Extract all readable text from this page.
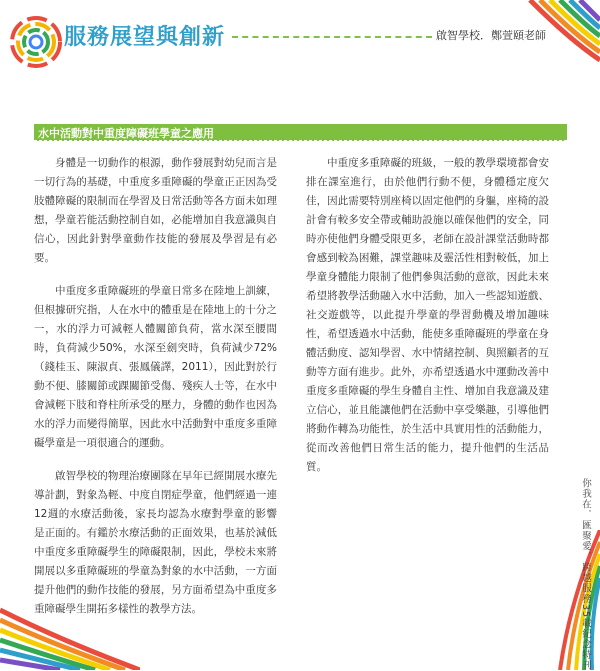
服務展望與創新	啟智學校．鄭萱頤老師
水中活動對中重度障礙班學童之應用

身體是一切動作的根源，動作發展對幼兒而言是一切行為的基礎，中重度多重障礙的學童正正因為受肢體障礙的限制而在學習及日常活動等各方面未如理想，學童若能活動控制自如，必能增加自我意識與自信心，因此針對學童動作技能的發展及學習是有必要。

中重度多重障礙班的學童日常多在陸地上訓練，但根據研究指，人在水中的體重是在陸地上的十分之一，水的浮力可減輕人體關節負荷，當水深至腰間時，負荷減少50%，水深至劍突時，負荷減少72%（錢桂玉、陳淑貞、張鳳儀譯，2011），因此對於行動不便、膝關節或踝關節受傷、殘疾人士等，在水中會減輕下肢和脊柱所承受的壓力，身體的動作也因為水的浮力而變得簡單，因此水中活動對中重度多重障礙學童是一項很適合的運動。

啟智學校的物理治療團隊在早年已經開展水療先導計劃，對象為輕、中度自閉症學童，他們經過一連12週的水療活動後，家長均認為水療對學童的影響是正面的。有鑑於水療活動的正面效果，也基於減低中重度多重障礙學生的障礙限制，因此，學校未來將開展以多重障礙班的學童為對象的水中活動，一方面提升他們的動作技能的發展，另方面希望為中重度多重障礙學生開拓多樣性的教學方法。

中重度多重障礙的班級，一般的教學環境都會安排在課室進行，由於他們行動不便，身體穩定度欠佳，因此需要特別座椅以固定他們的身軀，座椅的設計會有較多安全帶或輔助設施以確保他們的安全，同時亦使他們身體受限更多，老師在設計課堂活動時都會感到較為困難，課堂趣味及靈活性相對較低，加上學童身體能力限制了他們參與活動的意欲，因此未來希望將教學活動融入水中活動，加入一些認知遊戲、社交遊戲等，以此提升學童的學習動機及增加趣味性，希望透過水中活動，能使多重障礙班的學童在身體活動度、認知學習、水中情緒控制、與照顧者的互動等方面有進步。此外，亦希望透過水中運動改善中重度多重障礙的學生身體自主性、增加自我意識及建立信心，並且能讓他們在活動中享受樂趣，引導他們將動作轉為功能性，於生活中具實用性的活動能力，從而改善他們日常生活的能力，提升他們的生活品質。

你我在．匯聚愛．跨越服務35載紀念特刊
